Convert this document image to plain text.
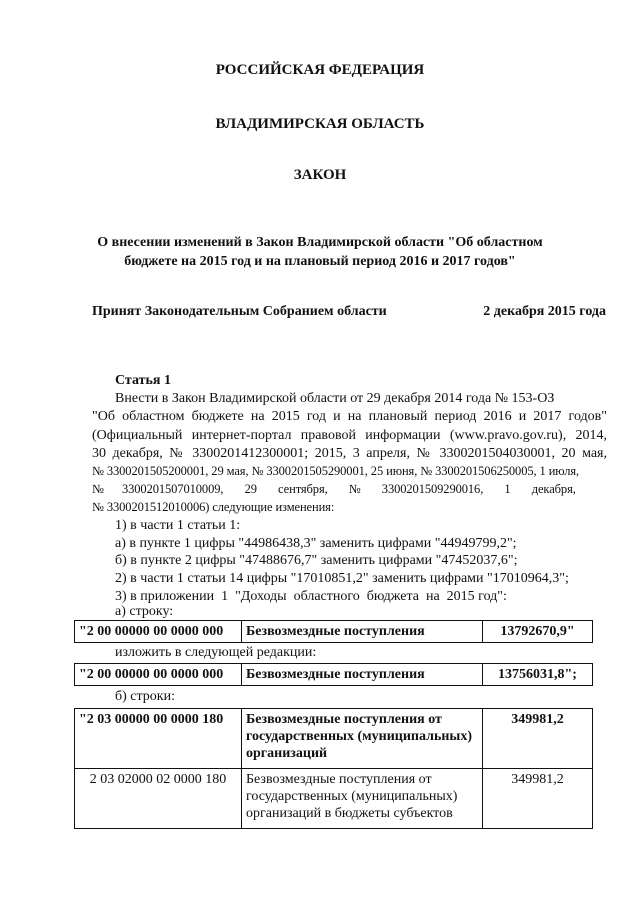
РОССИЙСКАЯ ФЕДЕРАЦИЯ
ВЛАДИМИРСКАЯ ОБЛАСТЬ
ЗАКОН
О внесении изменений в Закон Владимирской области "Об областном
бюджете на 2015 год и на плановый период 2016 и 2017 годов"
Принят Законодательным Собранием области	2 декабря 2015 года
Статья 1
Внести в Закон Владимирской области от 29 декабря 2014 года № 153-ОЗ
"Об областном бюджете на 2015 год и на плановый период 2016 и 2017 годов"
(Официальный интернет-портал правовой информации (www.pravo.gov.ru), 2014,
30 декабря, № 3300201412300001; 2015, 3 апреля, № 3300201504030001, 20 мая,
№ 3300201505200001, 29 мая, № 3300201505290001, 25 июня, № 3300201506250005, 1 июля,
№      3300201507010009,       29       сентября,       №       3300201509290016,       1       декабря,
№ 3300201512010006) следующие изменения:
1) в части 1 статьи 1:
а) в пункте 1 цифры "44986438,3" заменить цифрами "44949799,2";
б) в пункте 2 цифры "47488676,7" заменить цифрами "47452037,6";
2) в части 1 статьи 14 цифры "17010851,2" заменить цифрами "17010964,3";
3) в приложении  1  "Доходы  областного  бюджета  на  2015 год":
а) строку:
"2 00 00000 00 0000 000	Безвозмездные поступления	13792670,9"
изложить в следующей редакции:
"2 00 00000 00 0000 000	Безвозмездные поступления	13756031,8";
б) строки:
"2 03 00000 00 0000 180	Безвозмездные поступления от государственных (муниципальных) организаций	349981,2
2 03 02000 02 0000 180	Безвозмездные поступления от государственных (муниципальных) организаций в бюджеты субъектов	349981,2
